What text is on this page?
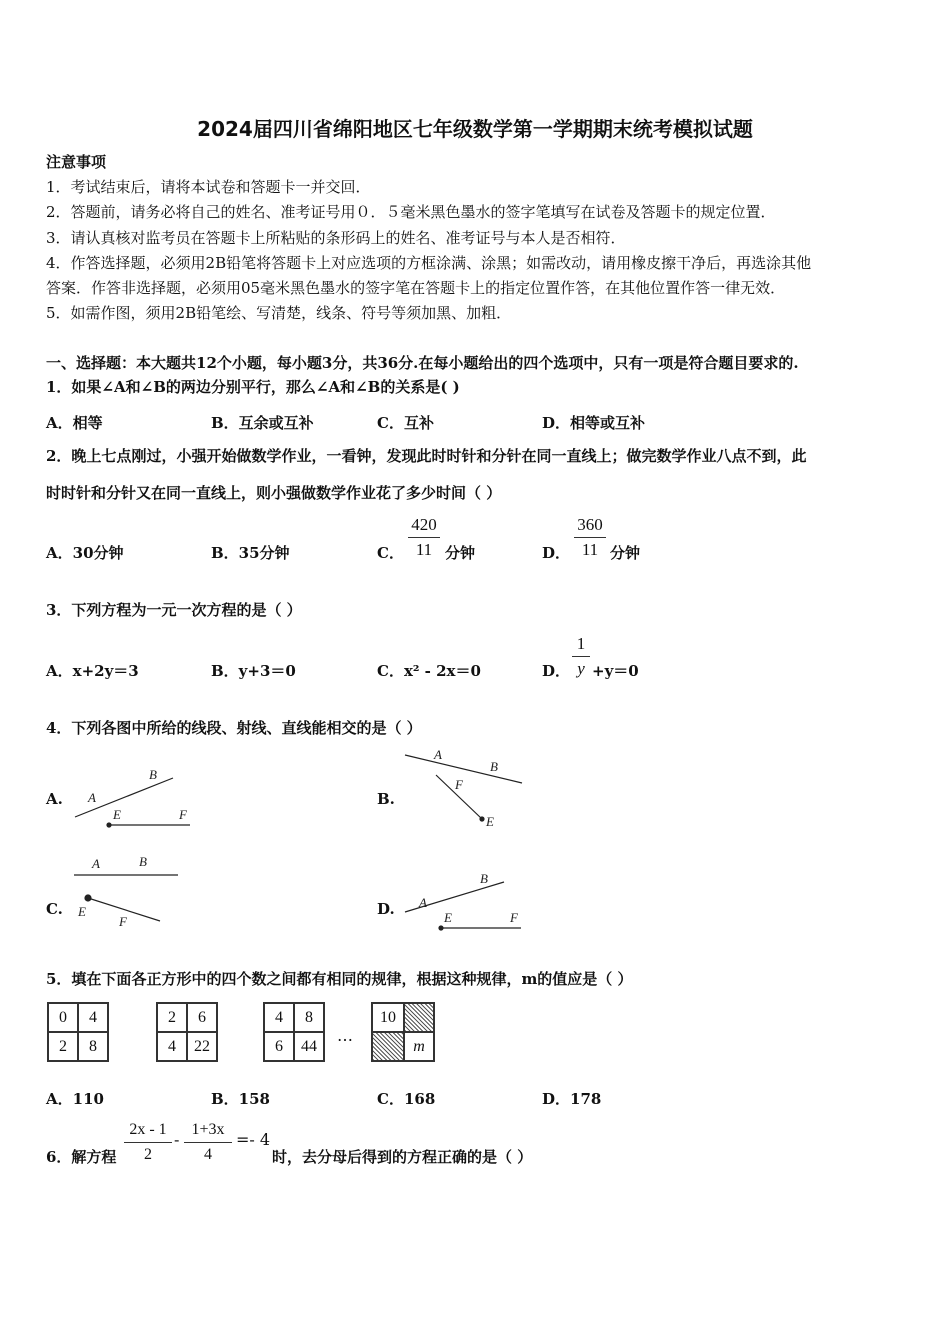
2024届四川省绵阳地区七年级数学第一学期期末统考模拟试题
注意事项
1．考试结束后，请将本试卷和答题卡一并交回．
2．答题前，请务必将自己的姓名、准考证号用０．５毫米黑色墨水的签字笔填写在试卷及答题卡的规定位置．
3．请认真核对监考员在答题卡上所粘贴的条形码上的姓名、准考证号与本人是否相符．
4．作答选择题，必须用2B铅笔将答题卡上对应选项的方框涂满、涂黑；如需改动，请用橡皮擦干净后，再选涂其他
答案．作答非选择题，必须用05毫米黑色墨水的签字笔在答题卡上的指定位置作答，在其他位置作答一律无效．
5．如需作图，须用2B铅笔绘、写清楚，线条、符号等须加黑、加粗．
一、选择题：本大题共12个小题，每小题3分，共36分.在每小题给出的四个选项中，只有一项是符合题目要求的.
1．如果∠A和∠B的两边分别平行，那么∠A和∠B的关系是( )
A．相等	B．互余或互补	C．互补	D．相等或互补
2．晚上七点刚过，小强开始做数学作业，一看钟，发现此时时针和分针在同一直线上；做完数学作业八点不到，此
时时针和分针又在同一直线上，则小强做数学作业花了多少时间（ ）
A．30分钟	B．35分钟	C．
420
11 分钟	D．
360
11 分钟
3．下列方程为一元一次方程的是（ ）
A．x+2y＝3	B．y+3＝0	C．x² - 2x＝0	D．
1
y +y＝0
4．下列各图中所给的线段、射线、直线能相交的是（ ）
A.	B.
C.	D.
A
B
E	F
A
B
E
F
A	B
E
F
A
B
E	F
5．填在下面各正方形中的四个数之间都有相同的规律，根据这种规律，m的值应是（ ）
0	4
2	8
2	6
4	22
4	8
6	44
…
10	
	m
A．110	B．158	C．168	D．178
6．解方程
2x - 1
2
-
1+3x
4
=- 4
时，去分母后得到的方程正确的是（ ）
